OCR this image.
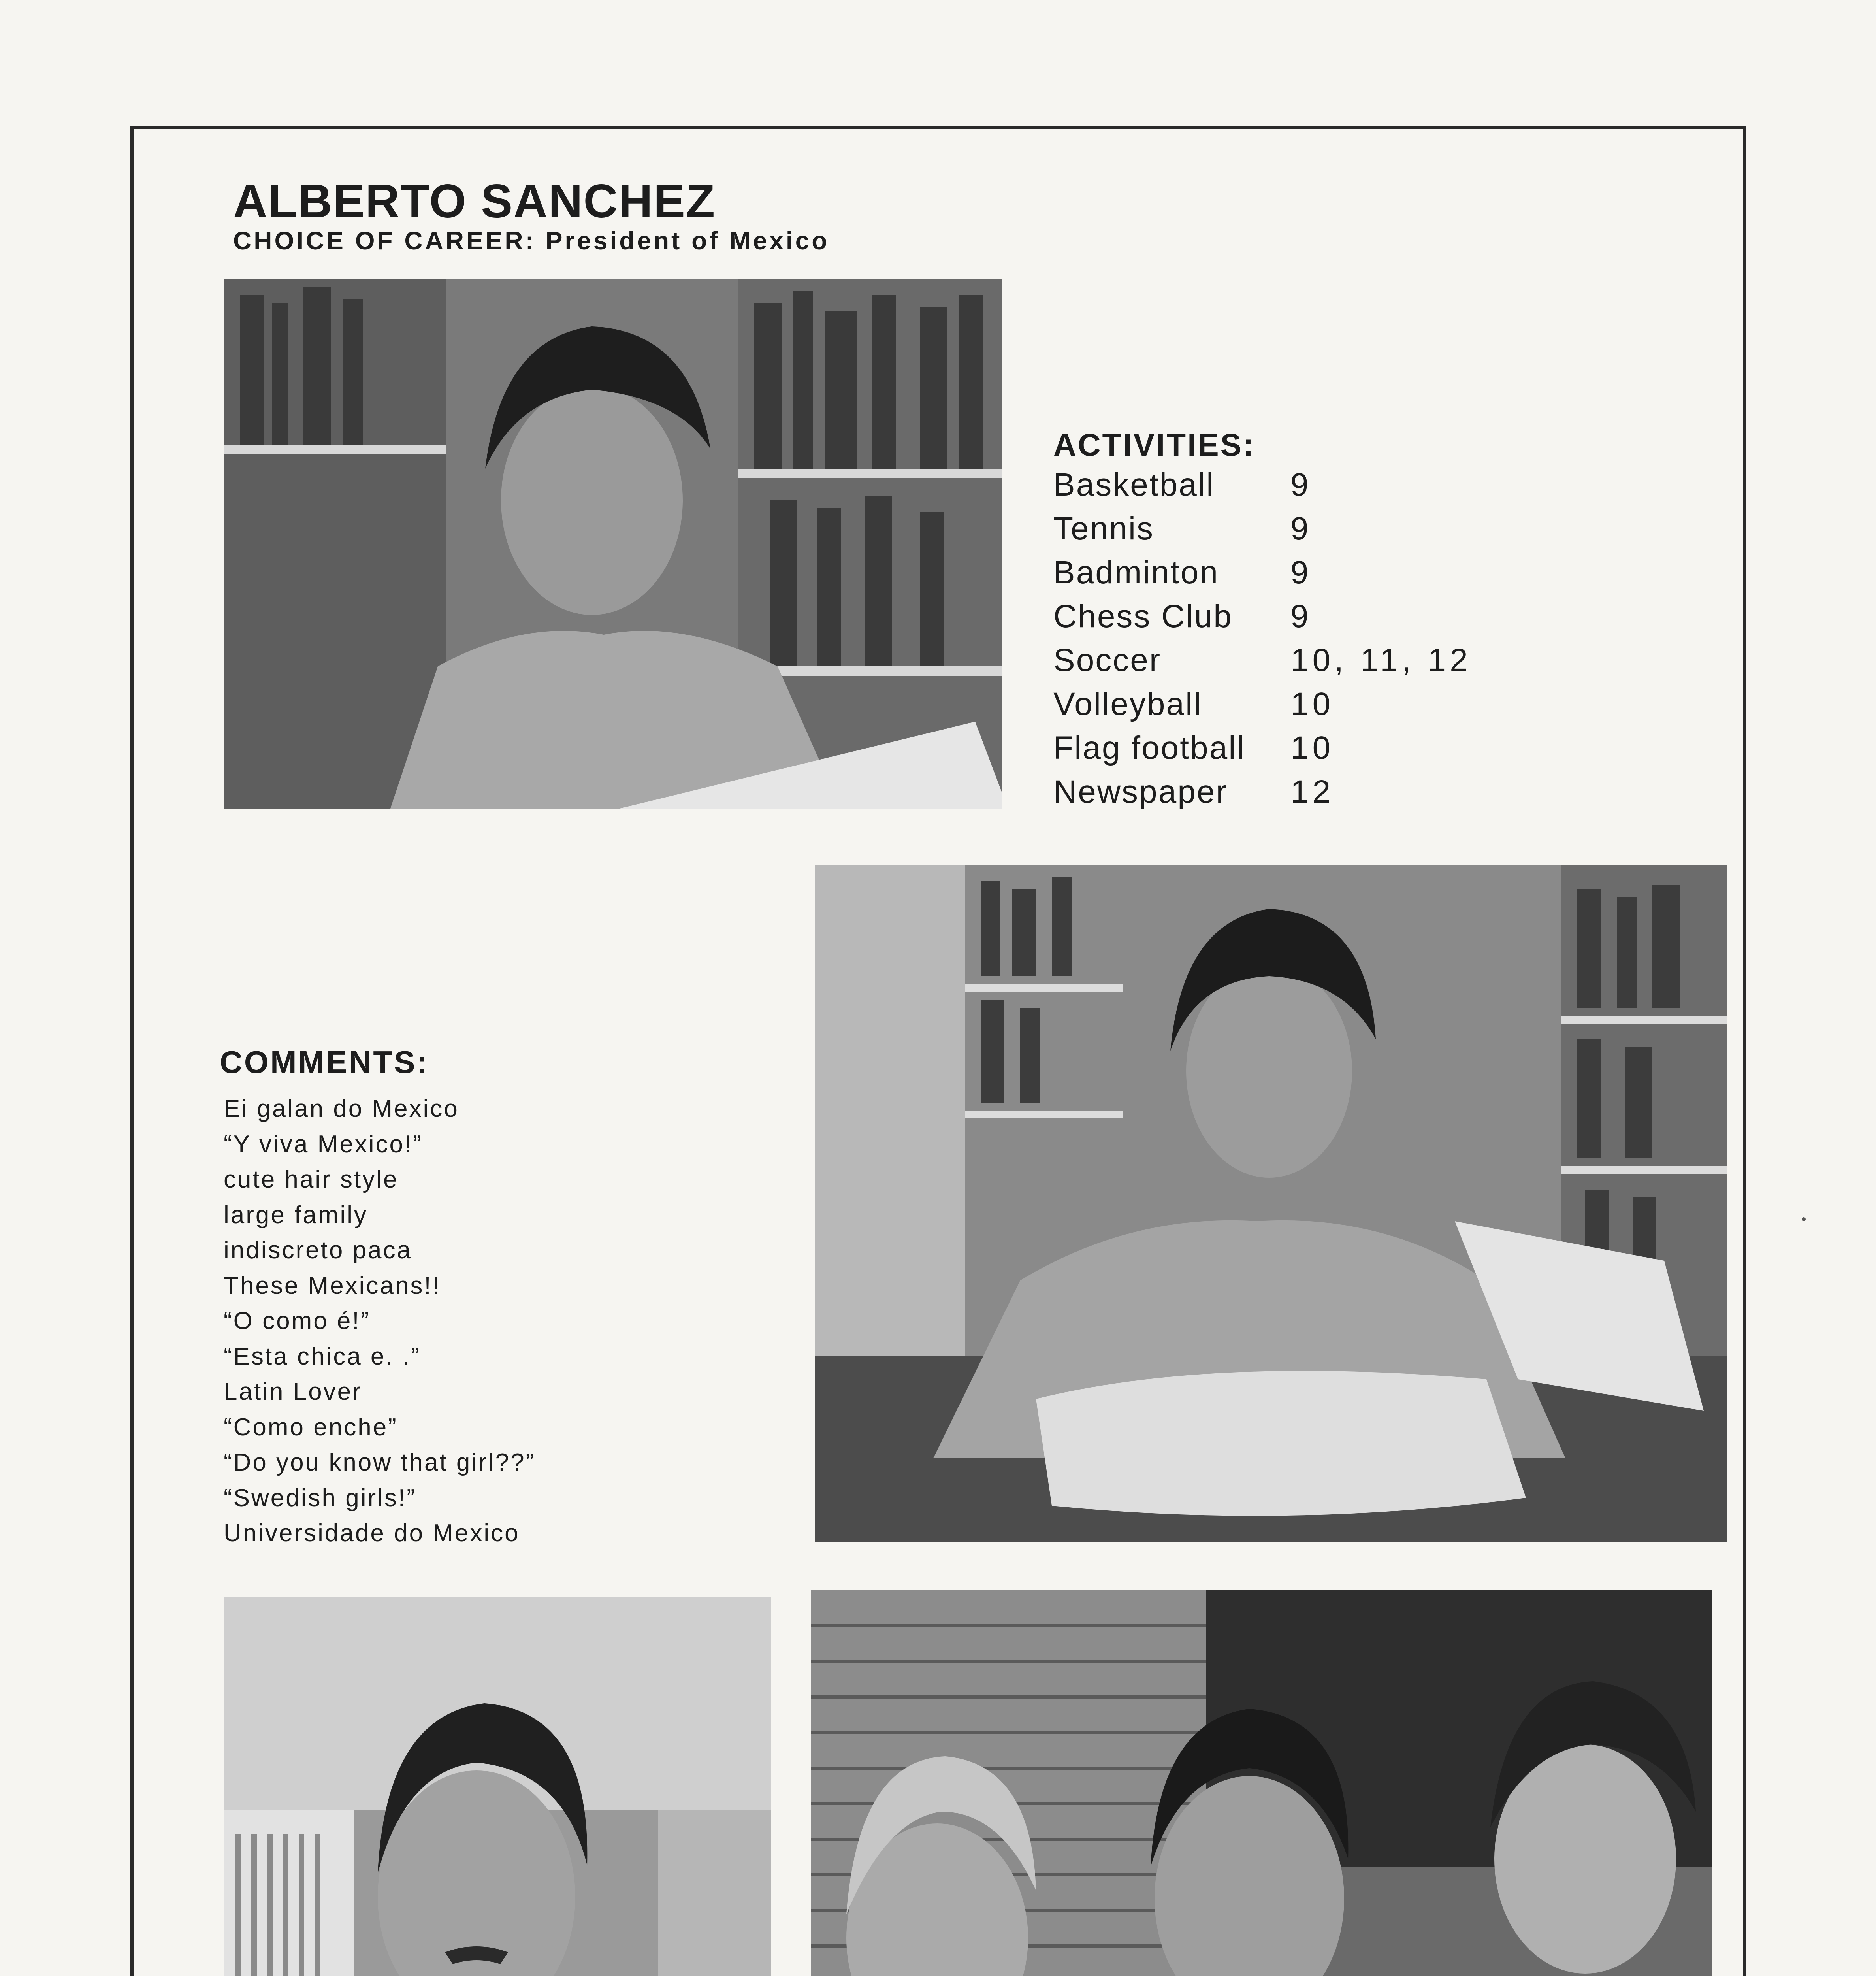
ALBERTO SANCHEZ
CHOICE OF CAREER: President of Mexico
ACTIVITIES:
Basketball 9
Tennis	9
Badminton 9
Chess Club 9
Soccer	10, 11, 12
Volleyball	10
Flag football 10
Newspaper 12
COMMENTS:
Ei galan do Mexico
“Y viva Mexico!”
cute hair style
large family
indiscreto paca
These Mexicans!!
“O como é!”
“Esta chica e. .”
Latin Lover
“Como enche”
“Do you know that girl??”
“Swedish girls!”
Universidade do Mexico
